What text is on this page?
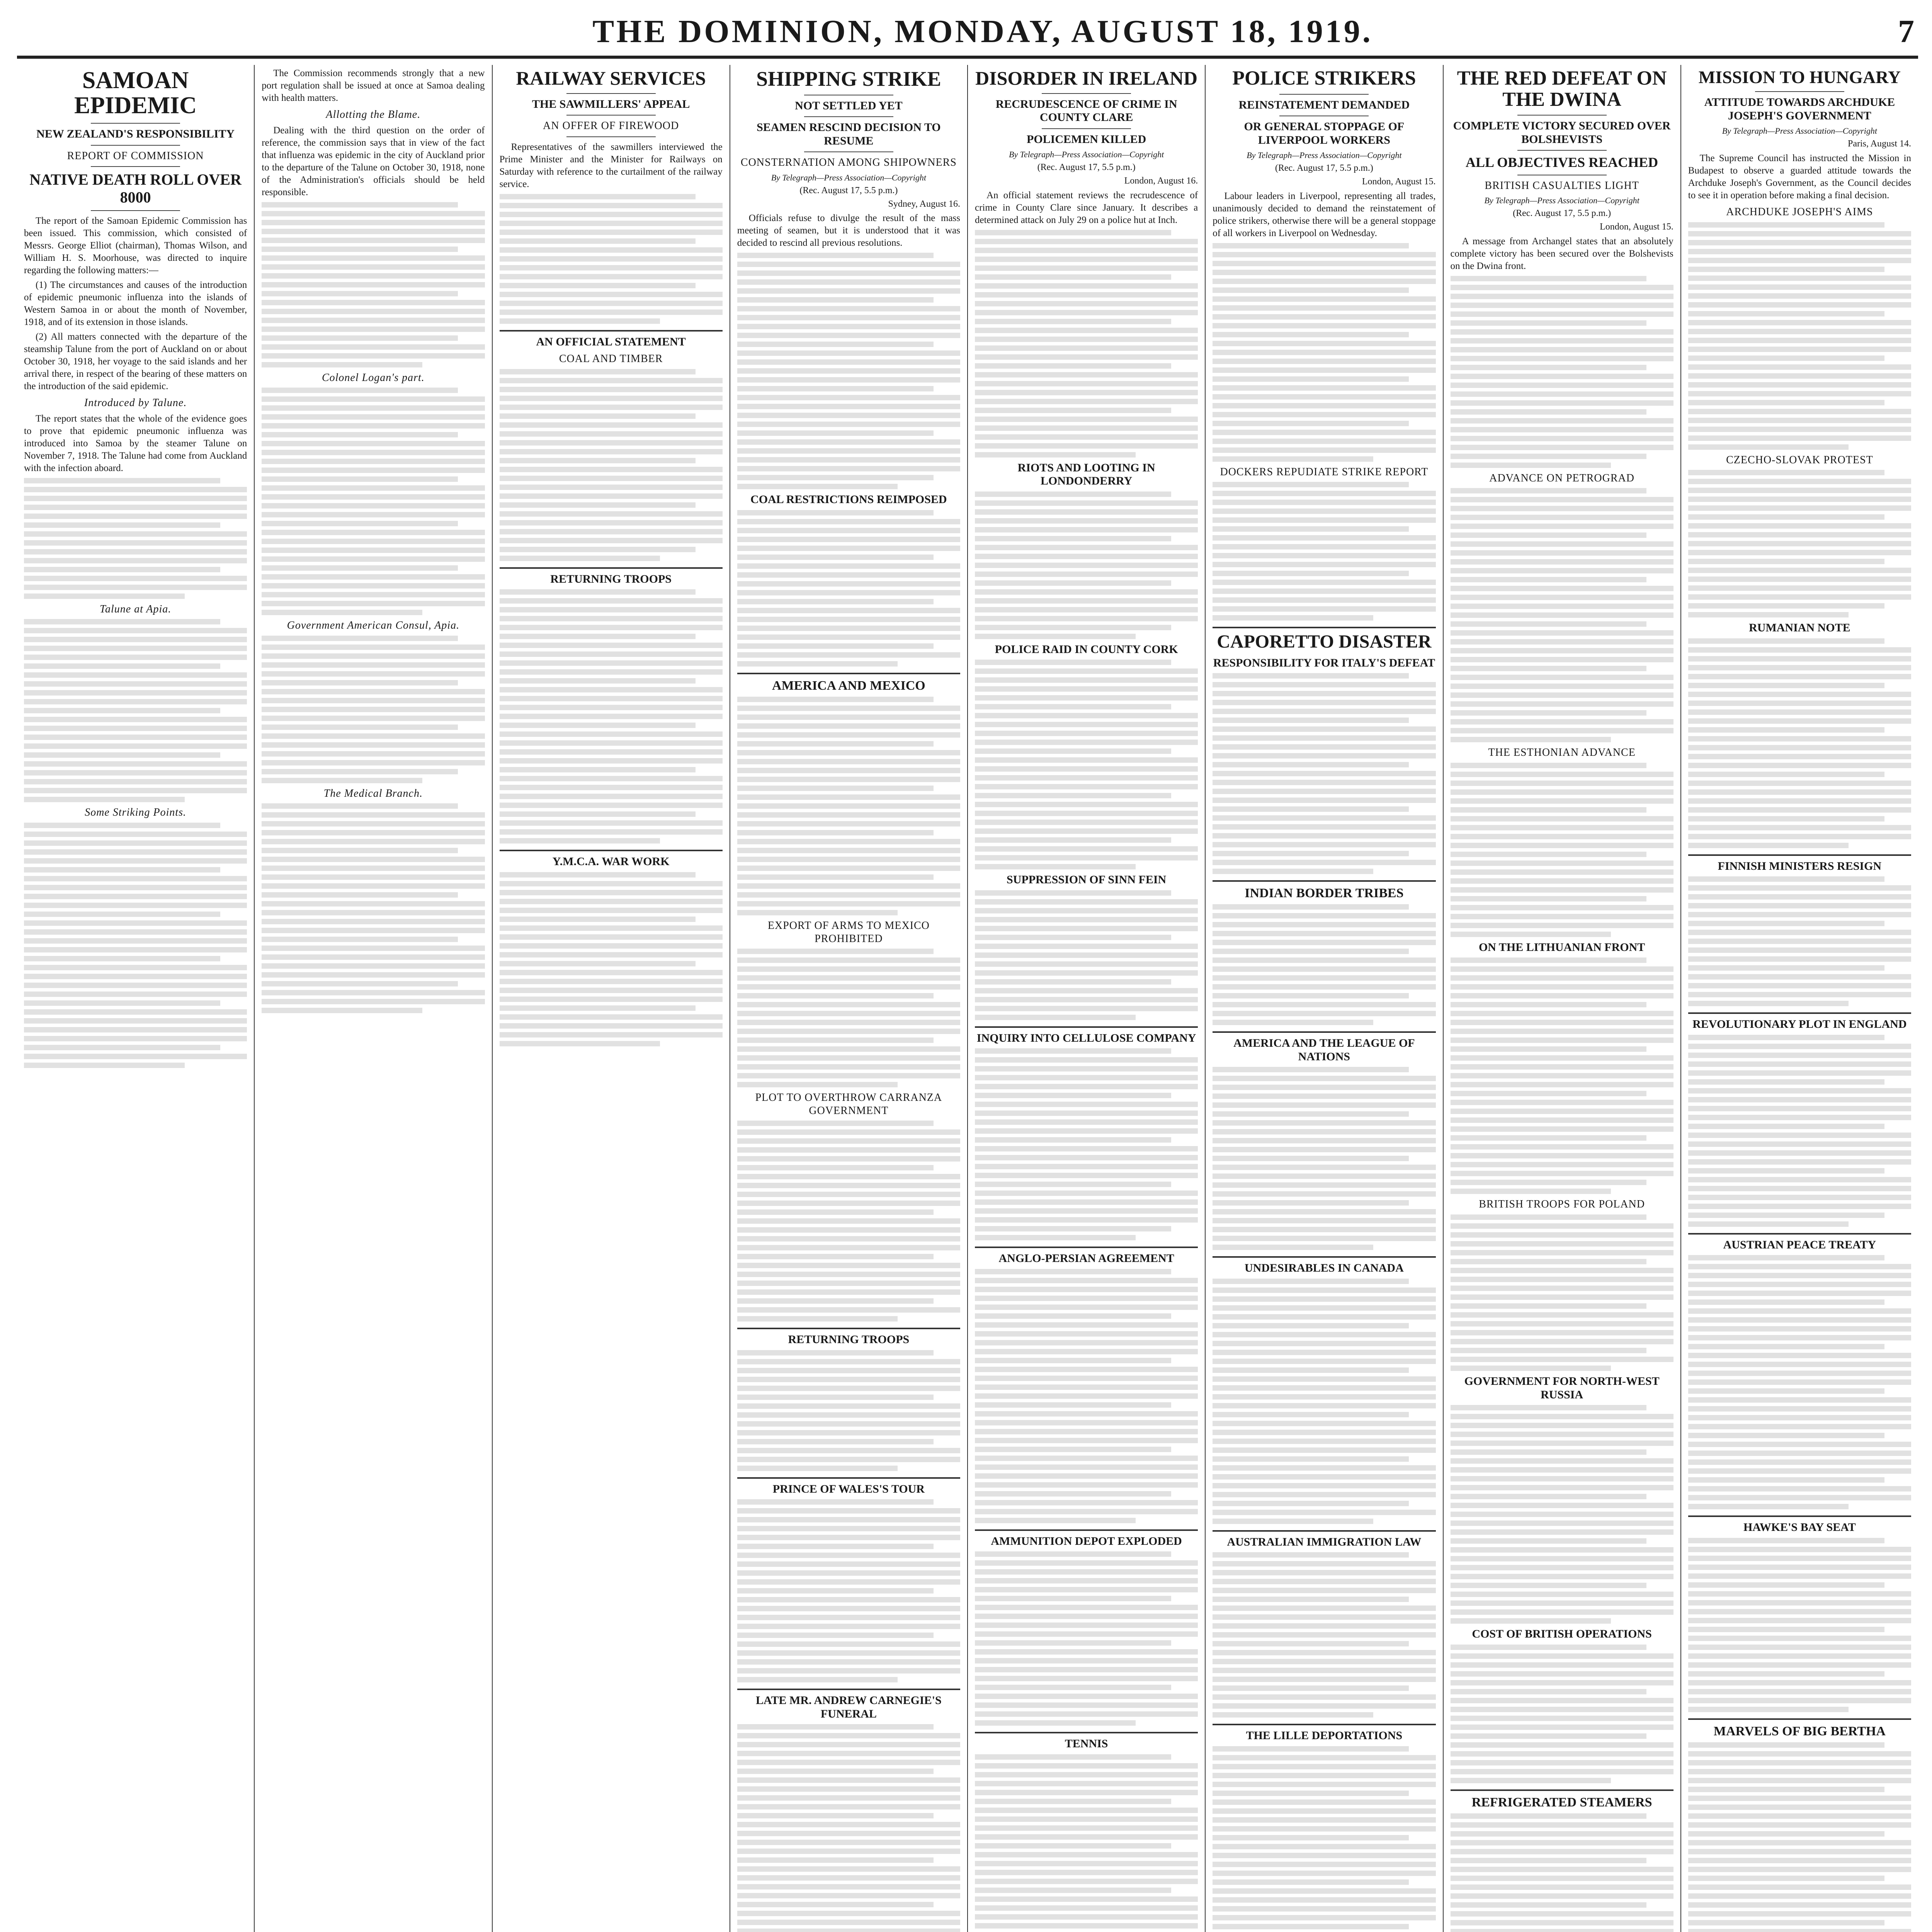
THE DOMINION, MONDAY, AUGUST 18, 1919.	7
SAMOAN EPIDEMIC
NEW ZEALAND'S RESPONSIBILITY
REPORT OF COMMISSION
NATIVE DEATH ROLL OVER 8000

The report of the Samoan Epidemic Commission has been issued. This commission, which consisted of Messrs. George Elliot (chairman), Thomas Wilson, and William H. S. Moorhouse, was directed to inquire regarding the following matters:—

(1) The circumstances and causes of the introduction of epidemic pneumonic influenza into the islands of Western Samoa in or about the month of November, 1918, and of its extension in those islands.

(2) All matters connected with the departure of the steamship Talune from the port of Auckland on or about October 30, 1918, her voyage to the said islands and her arrival there, in respect of the bearing of these matters on the introduction of the said epidemic.

Introduced by Talune.

The report states that the whole of the evidence goes to prove that epidemic pneumonic influenza was introduced into Samoa by the steamer Talune on November 7, 1918. The Talune had come from Auckland with the infection aboard.

Talune at Apia.
Some Striking Points.

The Commission recommends strongly that a new port regulation shall be issued at once at Samoa dealing with health matters.

Allotting the Blame.

Dealing with the third question on the order of reference, the commission says that in view of the fact that influenza was epidemic in the city of Auckland prior to the departure of the Talune on October 30, 1918, none of the Administration's officials should be held responsible.

Colonel Logan's part.
Government American Consul, Apia.
The Medical Branch.
RAILWAY SERVICES
THE SAWMILLERS' APPEAL
AN OFFER OF FIREWOOD

Representatives of the sawmillers interviewed the Prime Minister and the Minister for Railways on Saturday with reference to the curtailment of the railway service.

AN OFFICIAL STATEMENT
COAL AND TIMBER
RETURNING TROOPS
Y.M.C.A. WAR WORK
SHIPPING STRIKE
NOT SETTLED YET
SEAMEN RESCIND DECISION TO RESUME
CONSTERNATION AMONG SHIPOWNERS
By Telegraph—Press Association—Copyright
(Rec. August 17, 5.5 p.m.)
Sydney, August 16.

Officials refuse to divulge the result of the mass meeting of seamen, but it is understood that it was decided to rescind all previous resolutions.

COAL RESTRICTIONS REIMPOSED
AMERICA AND MEXICO
EXPORT OF ARMS TO MEXICO PROHIBITED
PLOT TO OVERTHROW CARRANZA GOVERNMENT
RETURNING TROOPS
PRINCE OF WALES'S TOUR
LATE MR. ANDREW CARNEGIE'S FUNERAL
DISORDER IN IRELAND
RECRUDESCENCE OF CRIME IN COUNTY CLARE
POLICEMEN KILLED
By Telegraph—Press Association—Copyright
(Rec. August 17, 5.5 p.m.)
London, August 16.

An official statement reviews the recrudescence of crime in County Clare since January. It describes a determined attack on July 29 on a police hut at Inch.

RIOTS AND LOOTING IN LONDONDERRY
POLICE RAID IN COUNTY CORK
SUPPRESSION OF SINN FEIN
INQUIRY INTO CELLULOSE COMPANY
ANGLO-PERSIAN AGREEMENT
AMMUNITION DEPOT EXPLODED
TENNIS
POLICE STRIKERS
REINSTATEMENT DEMANDED
OR GENERAL STOPPAGE OF LIVERPOOL WORKERS
By Telegraph—Press Association—Copyright
(Rec. August 17, 5.5 p.m.)
London, August 15.

Labour leaders in Liverpool, representing all trades, unanimously decided to demand the reinstatement of police strikers, otherwise there will be a general stoppage of all workers in Liverpool on Wednesday.

DOCKERS REPUDIATE STRIKE REPORT
CAPORETTO DISASTER
RESPONSIBILITY FOR ITALY'S DEFEAT
INDIAN BORDER TRIBES
AMERICA AND THE LEAGUE OF NATIONS
UNDESIRABLES IN CANADA
AUSTRALIAN IMMIGRATION LAW
THE LILLE DEPORTATIONS
THE RED DEFEAT ON THE DWINA
COMPLETE VICTORY SECURED OVER BOLSHEVISTS
ALL OBJECTIVES REACHED
BRITISH CASUALTIES LIGHT
By Telegraph—Press Association—Copyright
(Rec. August 17, 5.5 p.m.)
London, August 15.

A message from Archangel states that an absolutely complete victory has been secured over the Bolshevists on the Dwina front.

ADVANCE ON PETROGRAD
THE ESTHONIAN ADVANCE
ON THE LITHUANIAN FRONT
BRITISH TROOPS FOR POLAND
GOVERNMENT FOR NORTH-WEST RUSSIA
COST OF BRITISH OPERATIONS
REFRIGERATED STEAMERS
MISSION TO HUNGARY
ATTITUDE TOWARDS ARCHDUKE JOSEPH'S GOVERNMENT
By Telegraph—Press Association—Copyright
Paris, August 14.

The Supreme Council has instructed the Mission in Budapest to observe a guarded attitude towards the Archduke Joseph's Government, as the Council decides to see it in operation before making a final decision.

ARCHDUKE JOSEPH'S AIMS
CZECHO-SLOVAK PROTEST
RUMANIAN NOTE
FINNISH MINISTERS RESIGN
REVOLUTIONARY PLOT IN ENGLAND
AUSTRIAN PEACE TREATY
HAWKE'S BAY SEAT
MARVELS OF BIG BERTHA
